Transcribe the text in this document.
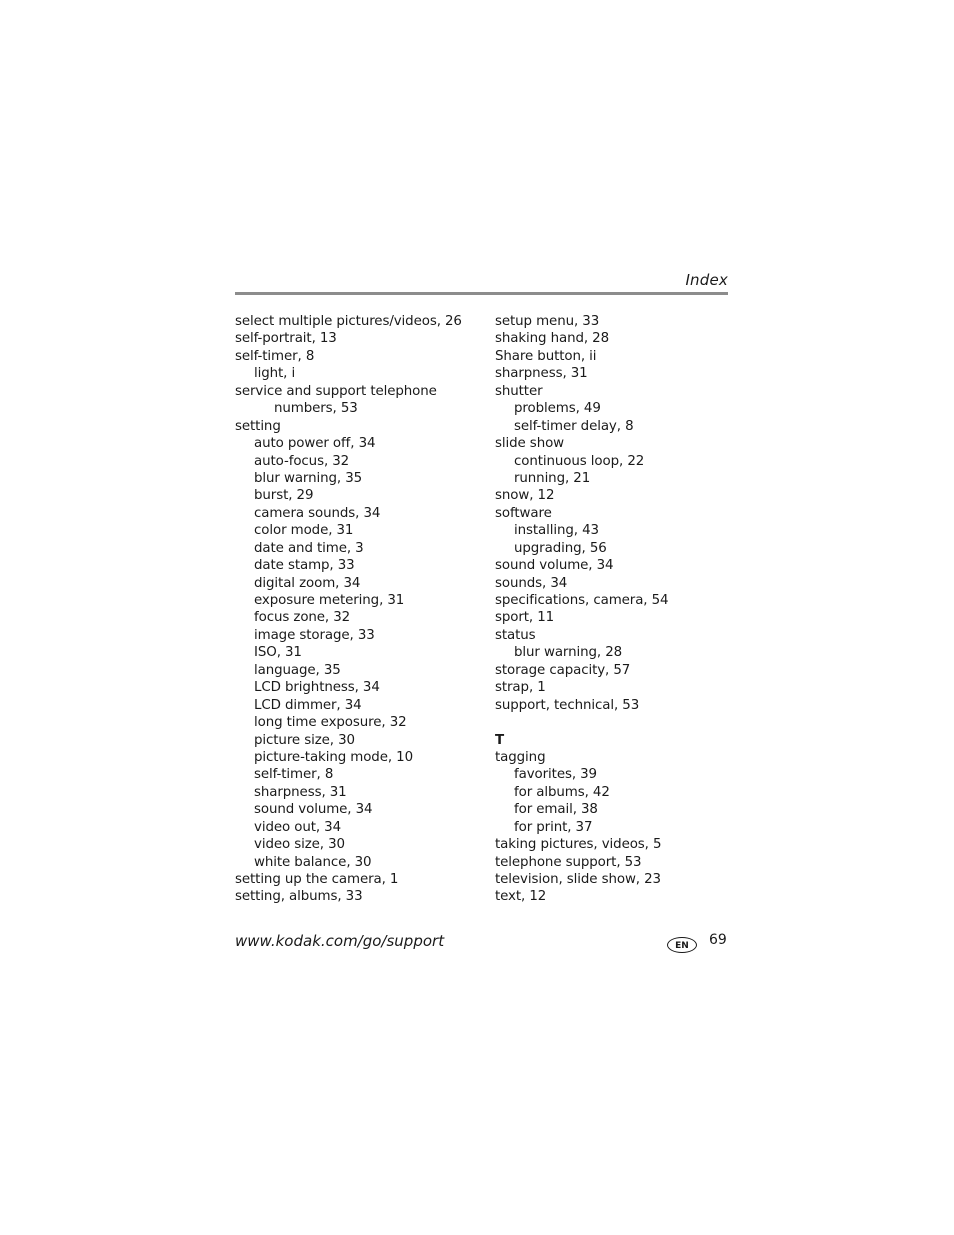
Index
select multiple pictures/videos, 26
self-portrait, 13
self-timer, 8
light, i
service and support telephone
numbers, 53
setting
auto power off, 34
auto-focus, 32
blur warning, 35
burst, 29
camera sounds, 34
color mode, 31
date and time, 3
date stamp, 33
digital zoom, 34
exposure metering, 31
focus zone, 32
image storage, 33
ISO, 31
language, 35
LCD brightness, 34
LCD dimmer, 34
long time exposure, 32
picture size, 30
picture-taking mode, 10
self-timer, 8
sharpness, 31
sound volume, 34
video out, 34
video size, 30
white balance, 30
setting up the camera, 1
setting, albums, 33
setup menu, 33
shaking hand, 28
Share button, ii
sharpness, 31
shutter
problems, 49
self-timer delay, 8
slide show
continuous loop, 22
running, 21
snow, 12
software
installing, 43
upgrading, 56
sound volume, 34
sounds, 34
specifications, camera, 54
sport, 11
status
blur warning, 28
storage capacity, 57
strap, 1
support, technical, 53
T
tagging
favorites, 39
for albums, 42
for email, 38
for print, 37
taking pictures, videos, 5
telephone support, 53
television, slide show, 23
text, 12
www.kodak.com/go/support	EN	69
